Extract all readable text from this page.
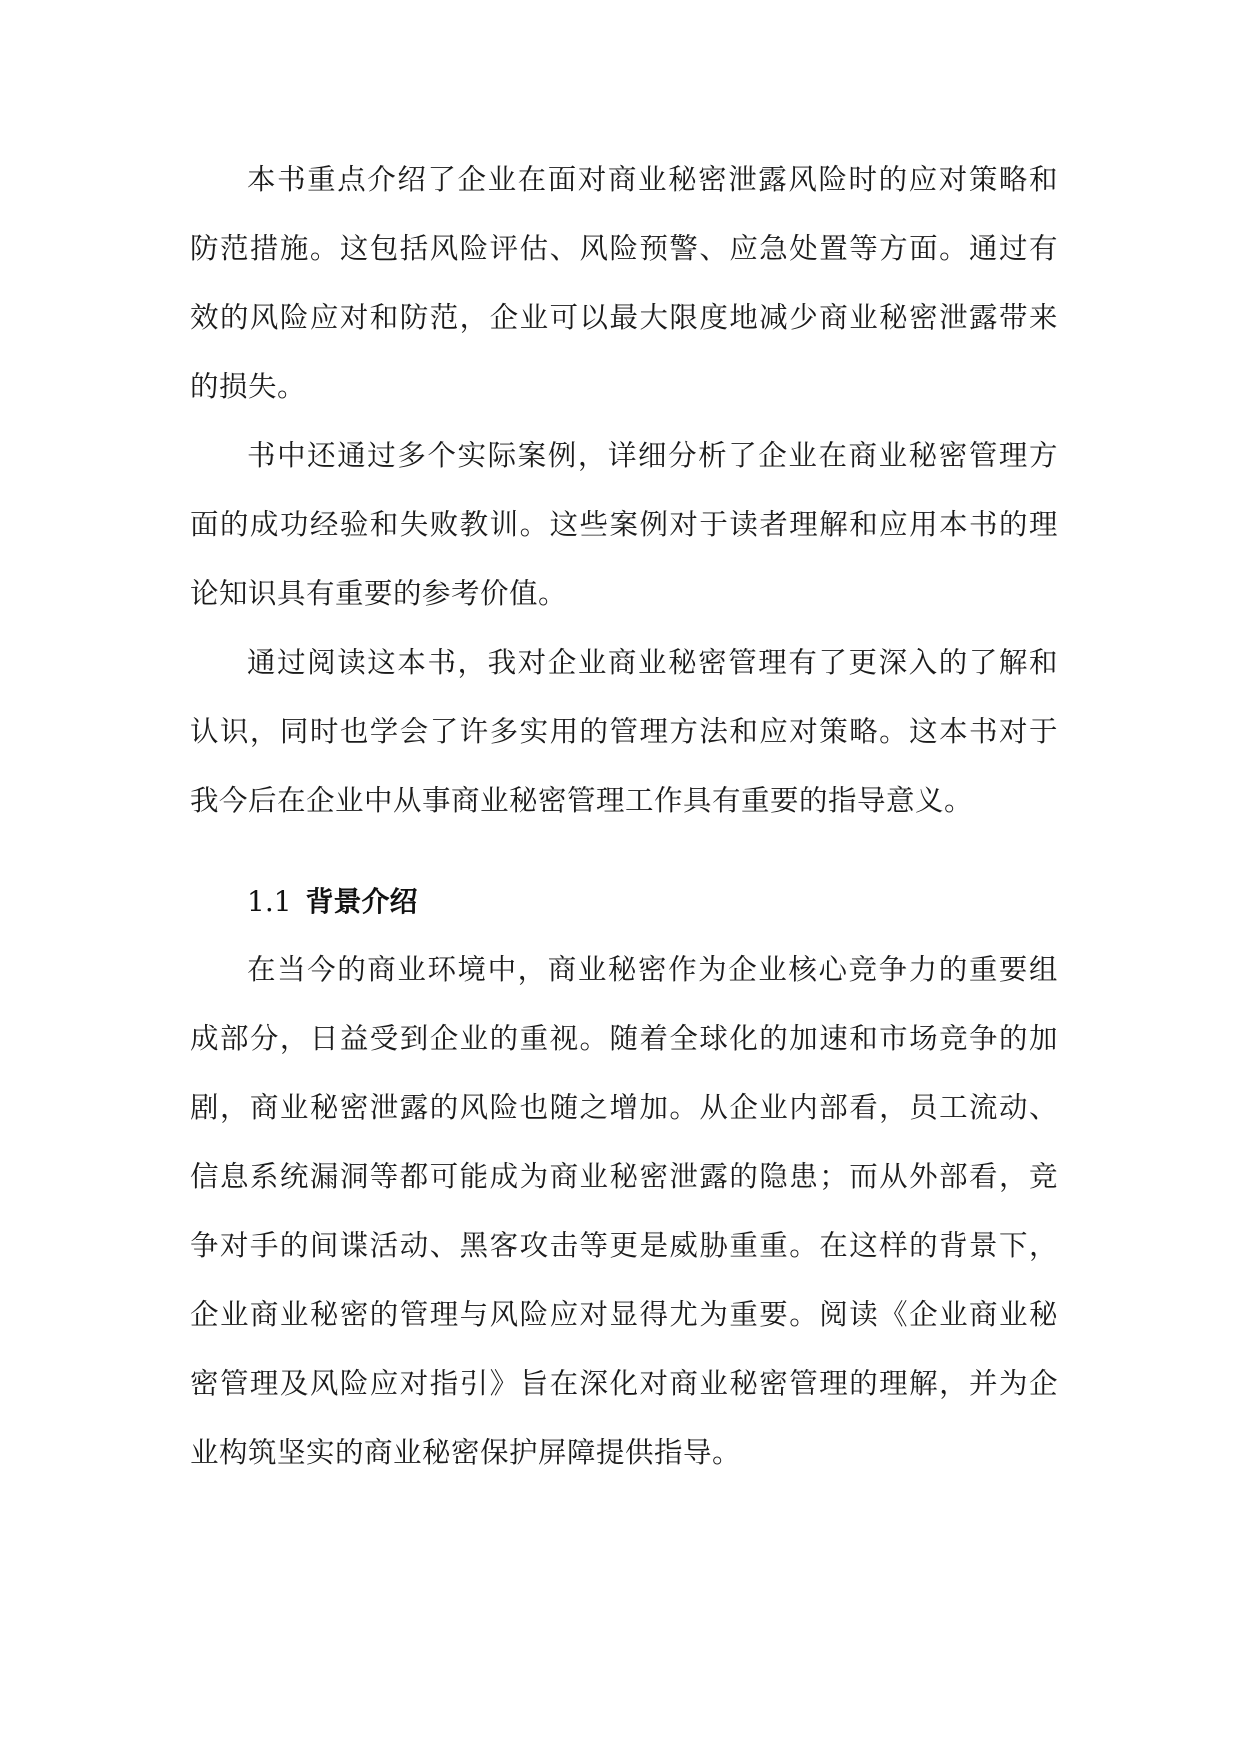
本书重点介绍了企业在面对商业秘密泄露风险时的应对策略和防范措施。这包括风险评估、风险预警、应急处置等方面。通过有效的风险应对和防范，企业可以最大限度地减少商业秘密泄露带来的损失。

书中还通过多个实际案例，详细分析了企业在商业秘密管理方面的成功经验和失败教训。这些案例对于读者理解和应用本书的理论知识具有重要的参考价值。

通过阅读这本书，我对企业商业秘密管理有了更深入的了解和认识，同时也学会了许多实用的管理方法和应对策略。这本书对于我今后在企业中从事商业秘密管理工作具有重要的指导意义。

1.1 背景介绍

在当今的商业环境中，商业秘密作为企业核心竞争力的重要组成部分，日益受到企业的重视。随着全球化的加速和市场竞争的加剧，商业秘密泄露的风险也随之增加。从企业内部看，员工流动、信息系统漏洞等都可能成为商业秘密泄露的隐患；而从外部看，竞争对手的间谍活动、黑客攻击等更是威胁重重。在这样的背景下，企业商业秘密的管理与风险应对显得尤为重要。阅读《企业商业秘密管理及风险应对指引》旨在深化对商业秘密管理的理解，并为企业构筑坚实的商业秘密保护屏障提供指导。
